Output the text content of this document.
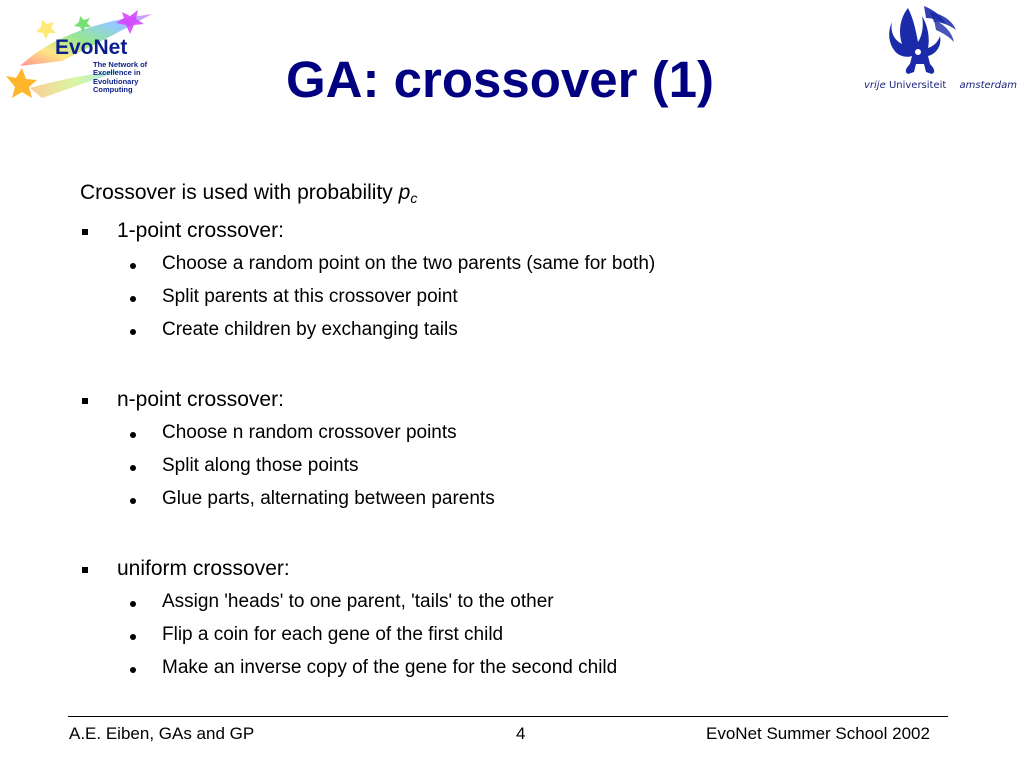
EvoNet
The Network of
Excellence in
Evolutionary
Computing	GA: crossover (1)	vrije Universiteit amsterdam

Crossover is used with probability $p_c$

1-point crossover:
Choose a random point on the two parents (same for both)
Split parents at this crossover point
Create children by exchanging tails
n-point crossover:
Choose n random crossover points
Split along those points
Glue parts, alternating between parents
uniform crossover:
Assign 'heads' to one parent, 'tails' to the other
Flip a coin for each gene of the first child
Make an inverse copy of the gene for the second child
A.E. Eiben, GAs and GP	4	EvoNet Summer School 2002
